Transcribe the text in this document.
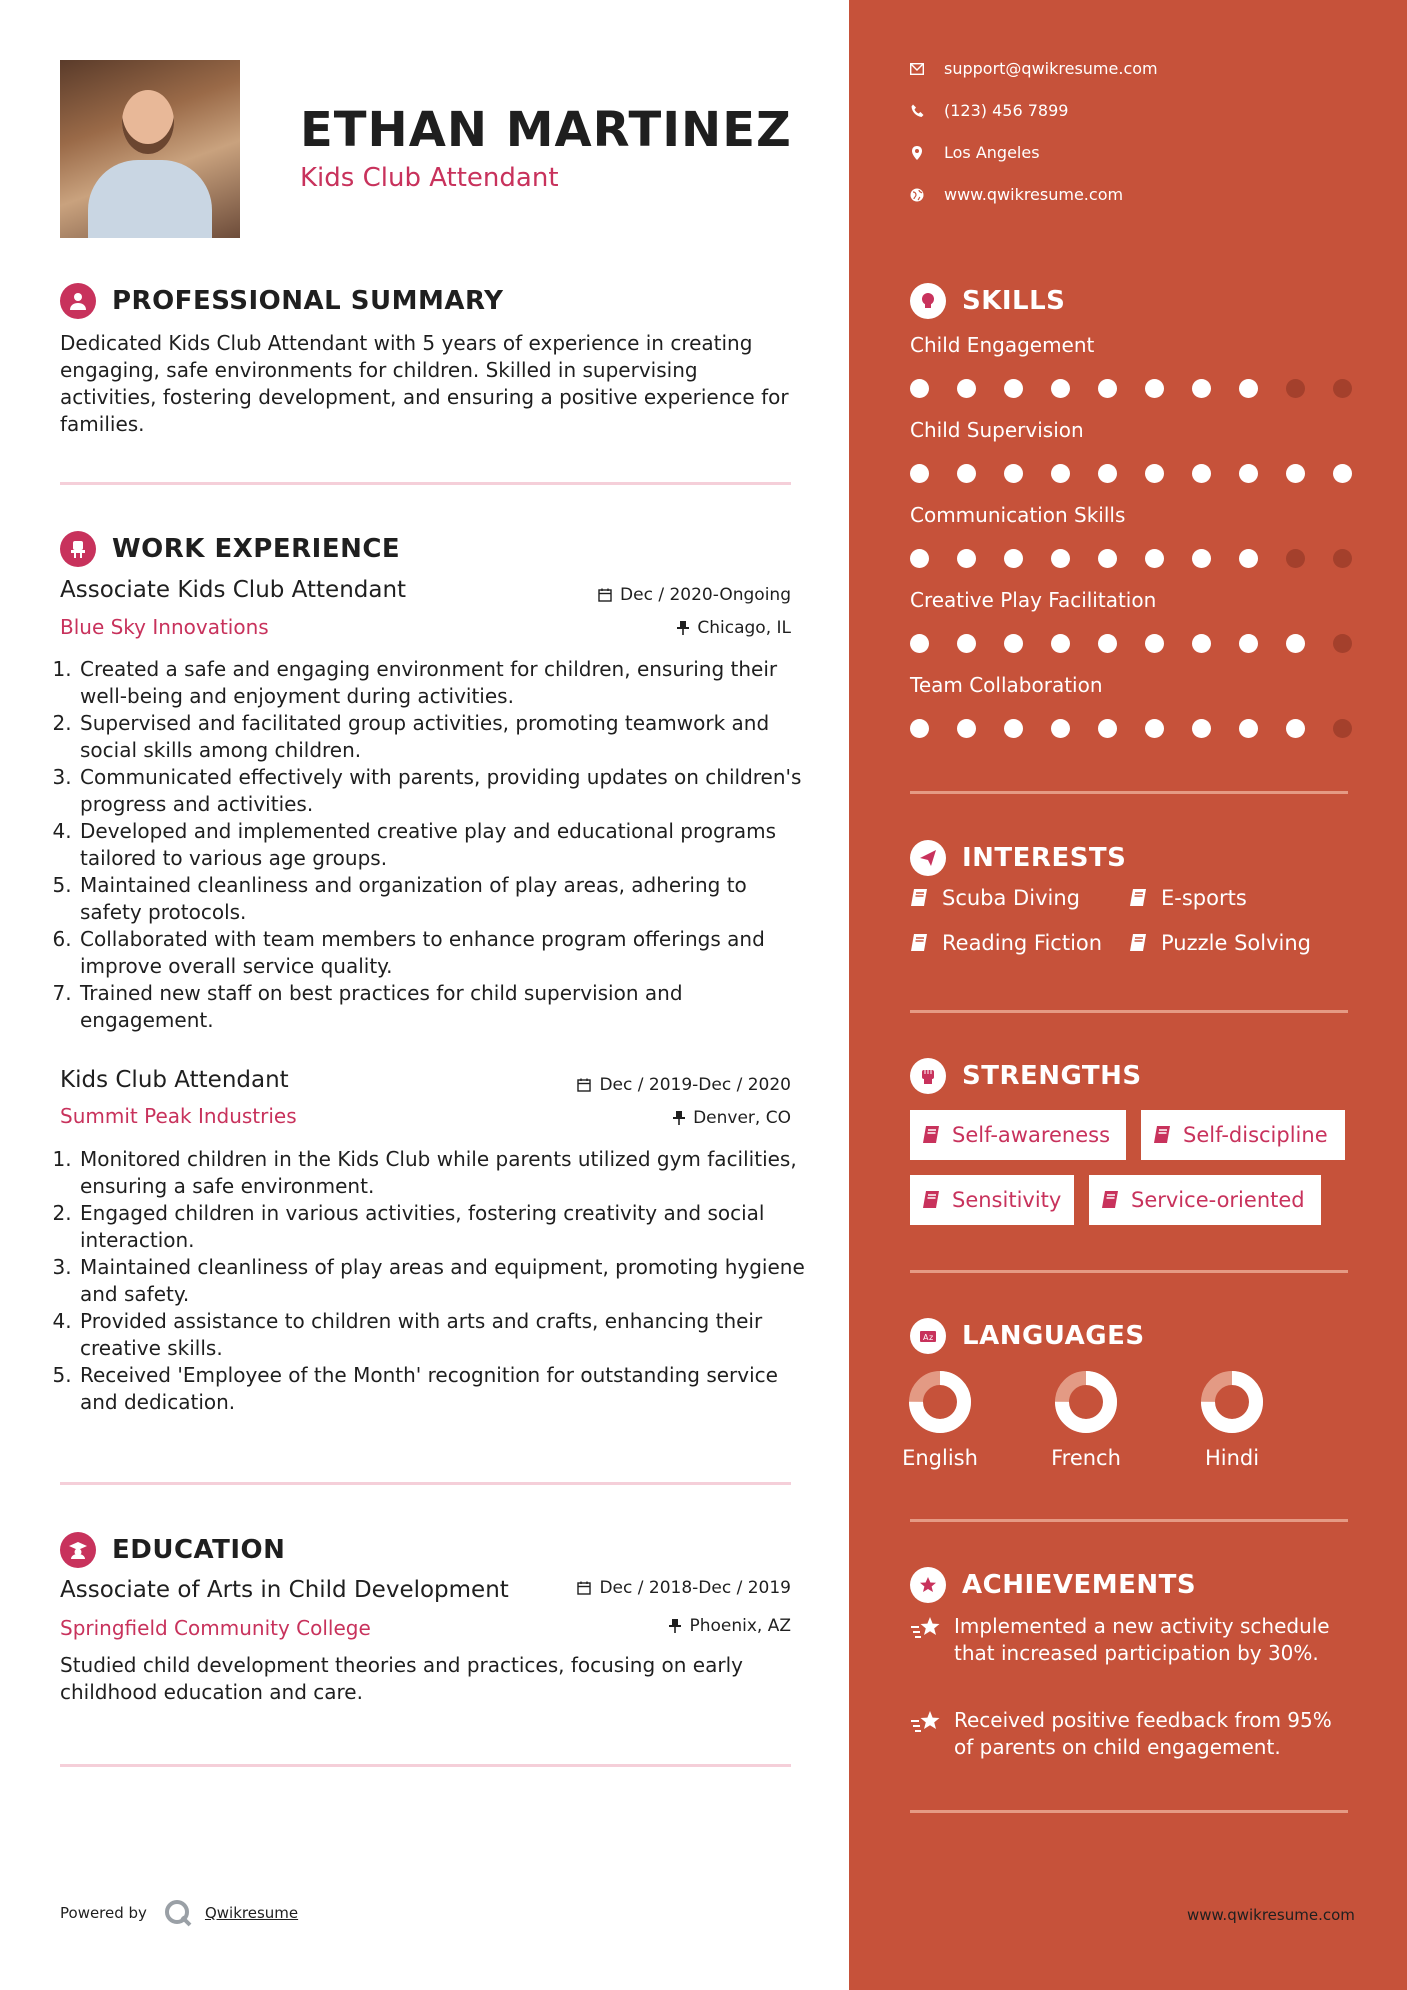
ETHAN MARTINEZ
Kids Club Attendant
PROFESSIONAL SUMMARY
Dedicated Kids Club Attendant with 5 years of experience in creating engaging, safe environments for children. Skilled in supervising activities, fostering development, and ensuring a positive experience for families.
WORK EXPERIENCE
Associate Kids Club Attendant
Blue Sky Innovations
Dec / 2020-Ongoing
Chicago, IL
1. Created a safe and engaging environment for children, ensuring their well-being and enjoyment during activities.
2. Supervised and facilitated group activities, promoting teamwork and social skills among children.
3. Communicated effectively with parents, providing updates on children's progress and activities.
4. Developed and implemented creative play and educational programs tailored to various age groups.
5. Maintained cleanliness and organization of play areas, adhering to safety protocols.
6. Collaborated with team members to enhance program offerings and improve overall service quality.
7. Trained new staff on best practices for child supervision and engagement.
Kids Club Attendant
Summit Peak Industries
Dec / 2019-Dec / 2020
Denver, CO
1. Monitored children in the Kids Club while parents utilized gym facilities, ensuring a safe environment.
2. Engaged children in various activities, fostering creativity and social interaction.
3. Maintained cleanliness of play areas and equipment, promoting hygiene and safety.
4. Provided assistance to children with arts and crafts, enhancing their creative skills.
5. Received 'Employee of the Month' recognition for outstanding service and dedication.
EDUCATION
Associate of Arts in Child Development
Springfield Community College
Dec / 2018-Dec / 2019
Phoenix, AZ
Studied child development theories and practices, focusing on early childhood education and care.
Powered by	Qwikresume
support@qwikresume.com
(123) 456 7899
Los Angeles
www.qwikresume.com
SKILLS
Child Engagement
Child Supervision
Communication Skills
Creative Play Facilitation
Team Collaboration
INTERESTS
Scuba Diving	E-sports
Reading Fiction	Puzzle Solving
STRENGTHS
Self-awareness	Self-discipline
Sensitivity	Service-oriented
A z LANGUAGES
English	French	Hindi
ACHIEVEMENTS
Implemented a new activity schedule that increased participation by 30%.
Received positive feedback from 95% of parents on child engagement.
www.qwikresume.com
